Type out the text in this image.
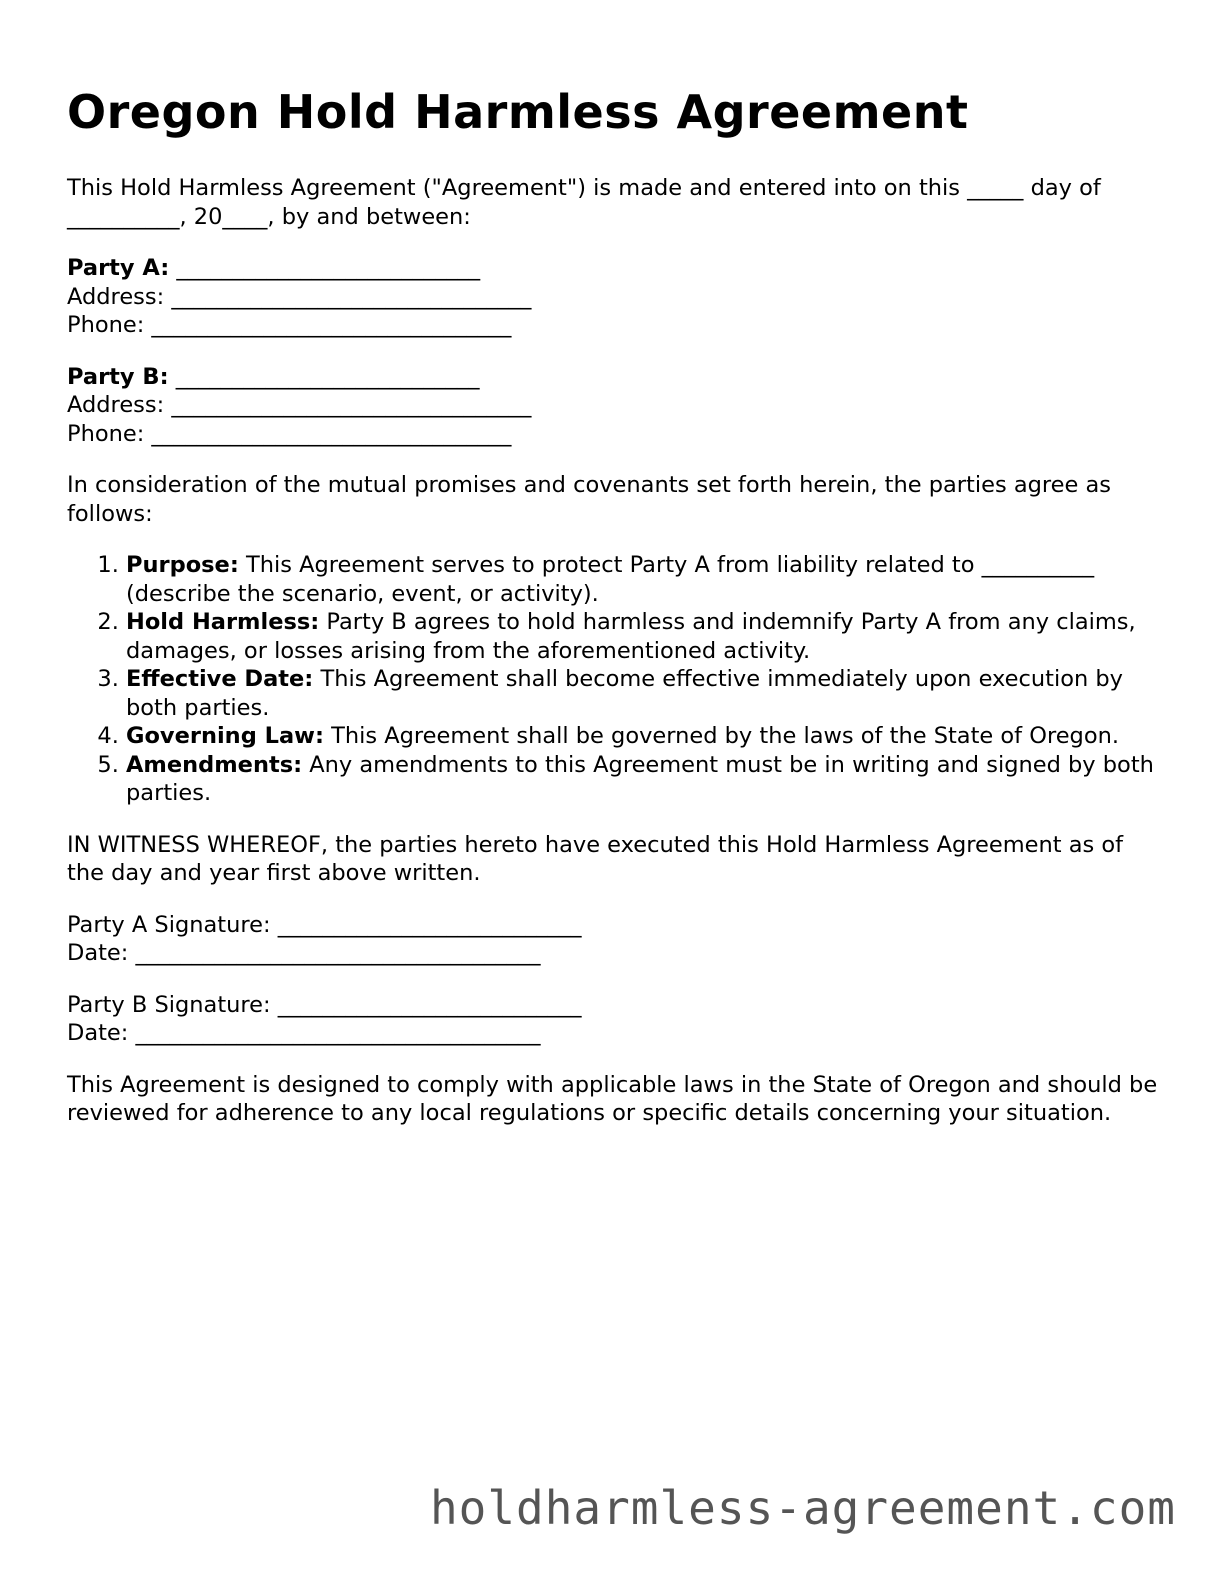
Oregon Hold Harmless Agreement

This Hold Harmless Agreement ("Agreement") is made and entered into on this _____ day of __________, 20____, by and between:

Party A: ___________________________
Address: ________________________________
Phone: ________________________________
Party B: ___________________________
Address: ________________________________
Phone: ________________________________

In consideration of the mutual promises and covenants set forth herein, the parties agree as follows:

1. Purpose: This Agreement serves to protect Party A from liability related to __________ (describe the scenario, event, or activity).
2. Hold Harmless: Party B agrees to hold harmless and indemnify Party A from any claims, damages, or losses arising from the aforementioned activity.
3. Effective Date: This Agreement shall become effective immediately upon execution by both parties.
4. Governing Law: This Agreement shall be governed by the laws of the State of Oregon.
5. Amendments: Any amendments to this Agreement must be in writing and signed by both parties.

IN WITNESS WHEREOF, the parties hereto have executed this Hold Harmless Agreement as of the day and year first above written.

Party A Signature: ___________________________
Date: ____________________________________
Party B Signature: ___________________________
Date: ____________________________________

This Agreement is designed to comply with applicable laws in the State of Oregon and should be reviewed for adherence to any local regulations or specific details concerning your situation.

holdharmless-agreement.com
